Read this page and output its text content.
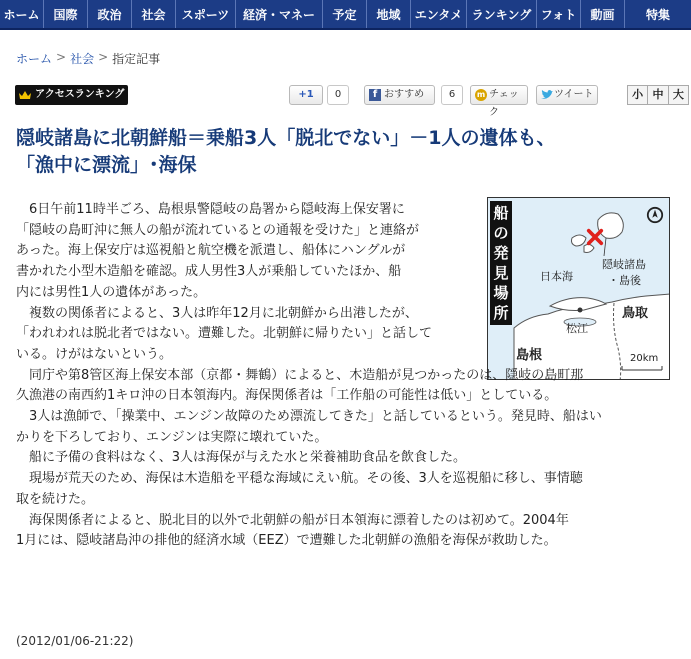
ホーム	国際	政治	社会	スポーツ	経済・マネー	予定	地域	エンタメ ランキング フォト	動画	特集
ホーム > 社会 > 指定記事
アクセスランキング	+1	0	f おすすめ	6	m チェック
ツイート	小 中 大
隠岐諸島に北朝鮮船＝乗船3人「脱北でない」－1人の遺体も、
「漁中に漂流」･海保
船の発見場所
日本海
隠岐諸島
・島後
鳥取
松江
島根	20km
　6日午前11時半ごろ、島根県警隠岐の島署から隠岐海上保安署に
「隠岐の島町沖に無人の船が流れているとの通報を受けた」と連絡が
あった。海上保安庁は巡視船と航空機を派遣し、船体にハングルが
書かれた小型木造船を確認。成人男性3人が乗船していたほか、船
内には男性1人の遺体があった。
　複数の関係者によると、3人は昨年12月に北朝鮮から出港したが、
「われわれは脱北者ではない。遭難した。北朝鮮に帰りたい」と話して
いる。けがはないという。
　同庁や第8管区海上保安本部（京都・舞鶴）によると、木造船が見つかったのは、隠岐の島町那
久漁港の南西約1キロ沖の日本領海内。海保関係者は「工作船の可能性は低い」としている。
　3人は漁師で、「操業中、エンジン故障のため漂流してきた」と話しているという。発見時、船はい
かりを下ろしており、エンジンは実際に壊れていた。
　船に予備の食料はなく、3人は海保が与えた水と栄養補助食品を飲食した。
　現場が荒天のため、海保は木造船を平穏な海域にえい航。その後、3人を巡視船に移し、事情聴
取を続けた。
　海保関係者によると、脱北目的以外で北朝鮮の船が日本領海に漂着したのは初めて。2004年
1月には、隠岐諸島沖の排他的経済水域（EEZ）で遭難した北朝鮮の漁船を海保が救助した。
(2012/01/06-21:22)
